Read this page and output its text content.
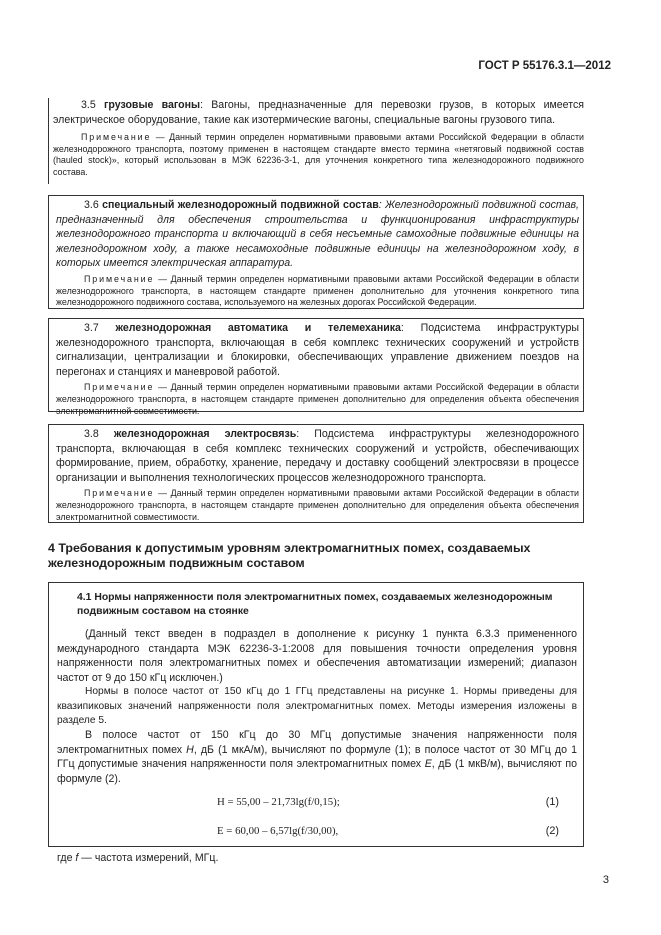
ГОСТ Р 55176.3.1—2012

3.5 грузовые вагоны: Вагоны, предназначенные для перевозки грузов, в которых имеется электрическое оборудование, такие как изотермические вагоны, специальные вагоны грузового типа.

Примечание — Данный термин определен нормативными правовыми актами Российской Федерации в области железнодорожного транспорта, поэтому применен в настоящем стандарте вместо термина «нетяговый подвижной состав (hauled stock)», который использован в МЭК 62236-3-1, для уточнения конкретного типа железнодорожного подвижного состава.

3.6 специальный железнодорожный подвижной состав: Железнодорожный подвижной состав, предназначенный для обеспечения строительства и функционирования инфраструктуры железнодорожного транспорта и включающий в себя несъемные самоходные подвижные единицы на железнодорожном ходу, а также несамоходные подвижные единицы на железнодорожном ходу, в которых имеется электрическая аппаратура.

Примечание — Данный термин определен нормативными правовыми актами Российской Федерации в области железнодорожного транспорта, в настоящем стандарте применен дополнительно для уточнения конкретного типа железнодорожного подвижного состава, используемого на железных дорогах Российской Федерации.

3.7 железнодорожная автоматика и телемеханика: Подсистема инфраструктуры железнодорожного транспорта, включающая в себя комплекс технических сооружений и устройств сигнализации, централизации и блокировки, обеспечивающих управление движением поездов на перегонах и станциях и маневровой работой.

Примечание — Данный термин определен нормативными правовыми актами Российской Федерации в области железнодорожного транспорта, в настоящем стандарте применен дополнительно для определения объекта обеспечения электромагнитной совместимости.

3.8 железнодорожная электросвязь: Подсистема инфраструктуры железнодорожного транспорта, включающая в себя комплекс технических сооружений и устройств, обеспечивающих формирование, прием, обработку, хранение, передачу и доставку сообщений электросвязи в процессе организации и выполнения технологических процессов железнодорожного транспорта.

Примечание — Данный термин определен нормативными правовыми актами Российской Федерации в области железнодорожного транспорта, в настоящем стандарте применен дополнительно для определения объекта обеспечения электромагнитной совместимости.

4 Требования к допустимым уровням электромагнитных помех, создаваемых железнодорожным подвижным составом

4.1 Нормы напряженности поля электромагнитных помех, создаваемых железнодорожным подвижным составом на стоянке

(Данный текст введен в подраздел в дополнение к рисунку 1 пункта 6.3.3 примененного международного стандарта МЭК 62236-3-1:2008 для повышения точности определения уровня напряженности поля электромагнитных помех и обеспечения автоматизации измерений; диапазон частот от 9 до 150 кГц исключен.)

Нормы в полосе частот от 150 кГц до 1 ГГц представлены на рисунке 1. Нормы приведены для квазипиковых значений напряженности поля электромагнитных помех. Методы измерения изложены в разделе 5.

В полосе частот от 150 кГц до 30 МГц допустимые значения напряженности поля электромагнитных помех H, дБ (1 мкА/м), вычисляют по формуле (1); в полосе частот от 30 МГц до 1 ГГц допустимые значения напряженности поля электромагнитных помех E, дБ (1 мкВ/м), вычисляют по формуле (2).

H = 55,00 – 21,73lg(f/0,15);	(1)
E = 60,00 – 6,57lg(f/30,00),	(2)

где f — частота измерений, МГц.

3
